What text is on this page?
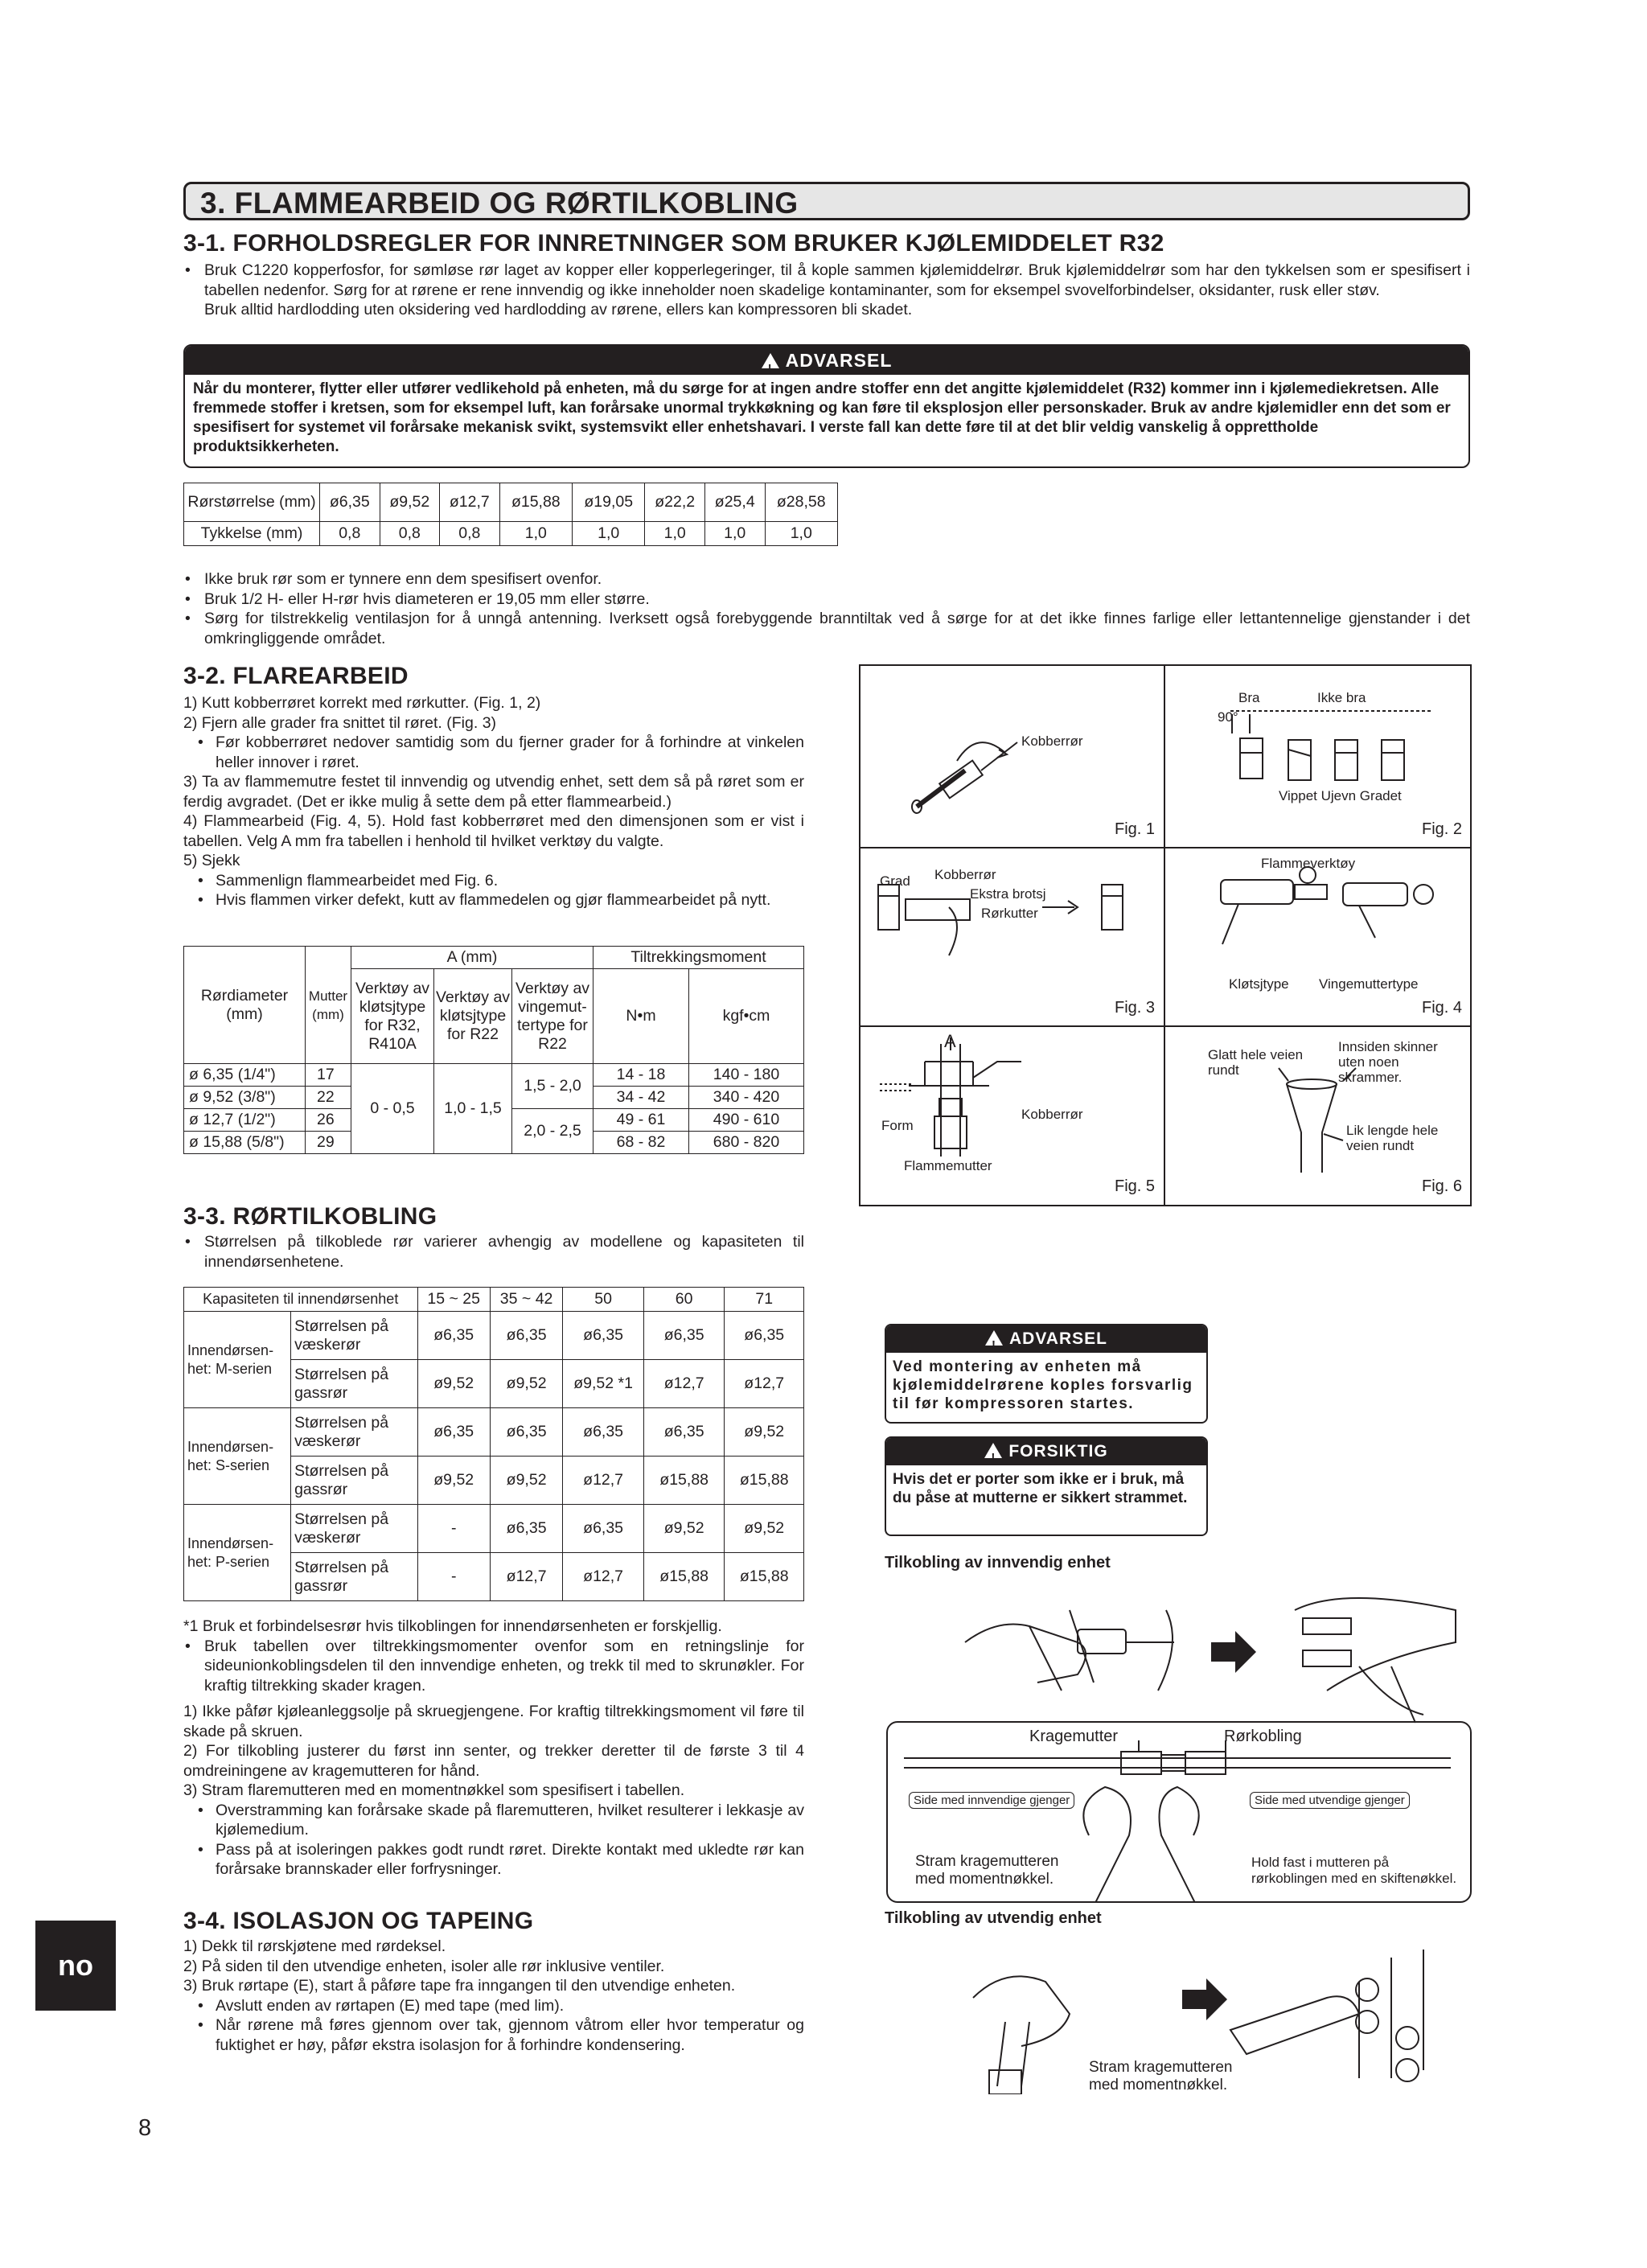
3. FLAMMEARBEID OG RØRTILKOBLING
3-1. FORHOLDSREGLER FOR INNRETNINGER SOM BRUKER KJØLEMIDDELET R32
• Bruk C1220 kopperfosfor, for sømløse rør laget av kopper eller kopperlegeringer, til å kople sammen kjølemiddelrør. Bruk kjølemiddelrør som har den tykkelsen som er spesifisert i tabellen nedenfor. Sørg for at rørene er rene innvendig og ikke inneholder noen skadelige kontaminanter, som for eksempel svovelforbindelser, oksidanter, rusk eller støv.
Bruk alltid hardlodding uten oksidering ved hardlodding av rørene, ellers kan kompressoren bli skadet.
!ADVARSEL
Når du monterer, flytter eller utfører vedlikehold på enheten, må du sørge for at ingen andre stoffer enn det angitte kjølemiddelet (R32) kommer inn i kjølemediekretsen. Alle fremmede stoffer i kretsen, som for eksempel luft, kan forårsake unormal trykkøkning og kan føre til eksplosjon eller personskader. Bruk av andre kjølemidler enn det som er spesifisert for systemet vil forårsake mekanisk svikt, systemsvikt eller enhetshavari. I verste fall kan dette føre til at det blir veldig vanskelig å opprettholde produktsikkerheten.
Rørstørrelse (mm)	ø6,35	ø9,52	ø12,7	ø15,88	ø19,05	ø22,2	ø25,4	ø28,58
Tykkelse (mm)	0,8	0,8	0,8	1,0	1,0	1,0	1,0	1,0
• Ikke bruk rør som er tynnere enn dem spesifisert ovenfor.
• Bruk 1/2 H- eller H-rør hvis diameteren er 19,05 mm eller større.
• Sørg for tilstrekkelig ventilasjon for å unngå antenning. Iverksett også forebyggende branntiltak ved å sørge for at det ikke finnes farlige eller lettantennelige gjenstander i det omkringliggende området.
3-2. FLAREARBEID
1) Kutt kobberrøret korrekt med rørkutter. (Fig. 1, 2)
2) Fjern alle grader fra snittet til røret. (Fig. 3)
• Før kobberrøret nedover samtidig som du fjerner grader for å forhindre at vinkelen heller innover i røret.
3) Ta av flammemutre festet til innvendig og utvendig enhet, sett dem så på røret som er ferdig avgradet. (Det er ikke mulig å sette dem på etter flammearbeid.)
4) Flammearbeid (Fig. 4, 5). Hold fast kobberrøret med den dimensjonen som er vist i tabellen. Velg A mm fra tabellen i henhold til hvilket verktøy du valgte.
5) Sjekk
• Sammenlign flammearbeidet med Fig. 6.
• Hvis flammen virker defekt, kutt av flammedelen og gjør flammearbeidet på nytt.
Rørdiameter (mm)	Mutter (mm)	A (mm)			Tiltrekkingsmoment	
		Verktøy av kløtsjtype for R32, R410A	Verktøy av kløtsjtype for R22	Verktøy av vingemut-tertype for R22	N•m	kgf•cm
ø 6,35 (1/4")	17	0 - 0,5	1,0 - 1,5	1,5 - 2,0	14 - 18	140 - 180
ø 9,52 (3/8")	22				34 - 42	340 - 420
ø 12,7 (1/2")	26			2,0 - 2,5	49 - 61	490 - 610
ø 15,88 (5/8")	29				68 - 82	680 - 820
Kobberrør
Fig. 1
Bra	Ikke bra
90°
Vippet Ujevn Gradet
Fig. 2
Grad Kobberrør
Ekstra brotsj
Rørkutter
Fig. 3
Flammeverktøy
Kløtsjtype Vingemuttertype
Fig. 4
A
Form
Kobberrør
Flammemutter
Fig. 5
Glatt hele veien rundt
Innsiden skinner uten noen skrammer.
Lik lengde hele veien rundt
Fig. 6
3-3. RØRTILKOBLING
• Størrelsen på tilkoblede rør varierer avhengig av modellene og kapasiteten til innendørsenhetene.
Kapasiteten til innendørsenhet		15 ~ 25	35 ~ 42	50	60	71
Innendørsen-het: M-serien	Størrelsen på væskerør	ø6,35	ø6,35	ø6,35	ø6,35	ø6,35
	Størrelsen på gassrør	ø9,52	ø9,52	ø9,52 *1	ø12,7	ø12,7
Innendørsen-het: S-serien	Størrelsen på væskerør	ø6,35	ø6,35	ø6,35	ø6,35	ø9,52
	Størrelsen på gassrør	ø9,52	ø9,52	ø12,7	ø15,88	ø15,88
Innendørsen-het: P-serien	Størrelsen på væskerør	-	ø6,35	ø6,35	ø9,52	ø9,52
	Størrelsen på gassrør	-	ø12,7	ø12,7	ø15,88	ø15,88
*1 Bruk et forbindelsesrør hvis tilkoblingen for innendørsenheten er forskjellig.
• Bruk tabellen over tiltrekkingsmomenter ovenfor som en retningslinje for sideunionkoblingsdelen til den innvendige enheten, og trekk til med to skrunøkler. For kraftig tiltrekking skader kragen.
1) Ikke påfør kjøleanleggsolje på skruegjengene. For kraftig tiltrekkingsmoment vil føre til skade på skruen.
2) For tilkobling justerer du først inn senter, og trekker deretter til de første 3 til 4 omdreiningene av kragemutteren for hånd.
3) Stram flaremutteren med en momentnøkkel som spesifisert i tabellen.
• Overstramming kan forårsake skade på flaremutteren, hvilket resulterer i lekkasje av kjølemedium.
• Pass på at isoleringen pakkes godt rundt røret. Direkte kontakt med ukledte rør kan forårsake brannskader eller forfrysninger.
3-4. ISOLASJON OG TAPEING
1) Dekk til rørskjøtene med rørdeksel.
2) På siden til den utvendige enheten, isoler alle rør inklusive ventiler.
3) Bruk rørtape (E), start å påføre tape fra inngangen til den utvendige enheten.
• Avslutt enden av rørtapen (E) med tape (med lim).
• Når rørene må føres gjennom over tak, gjennom våtrom eller hvor temperatur og fuktighet er høy, påfør ekstra isolasjon for å forhindre kondensering.
!ADVARSEL
Ved montering av enheten må kjølemiddelrørene koples forsvarlig til før kompressoren startes.
!FORSIKTIG
Hvis det er porter som ikke er i bruk, må du påse at mutterne er sikkert strammet.
Tilkobling av innvendig enhet
Kragemutter	Rørkobling
Side med innvendige gjenger	Side med utvendige gjenger
Stram kragemutteren med momentnøkkel.
Hold fast i mutteren på rørkoblingen med en skiftenøkkel.
Tilkobling av utvendig enhet
Stram kragemutteren med momentnøkkel.
no
8
